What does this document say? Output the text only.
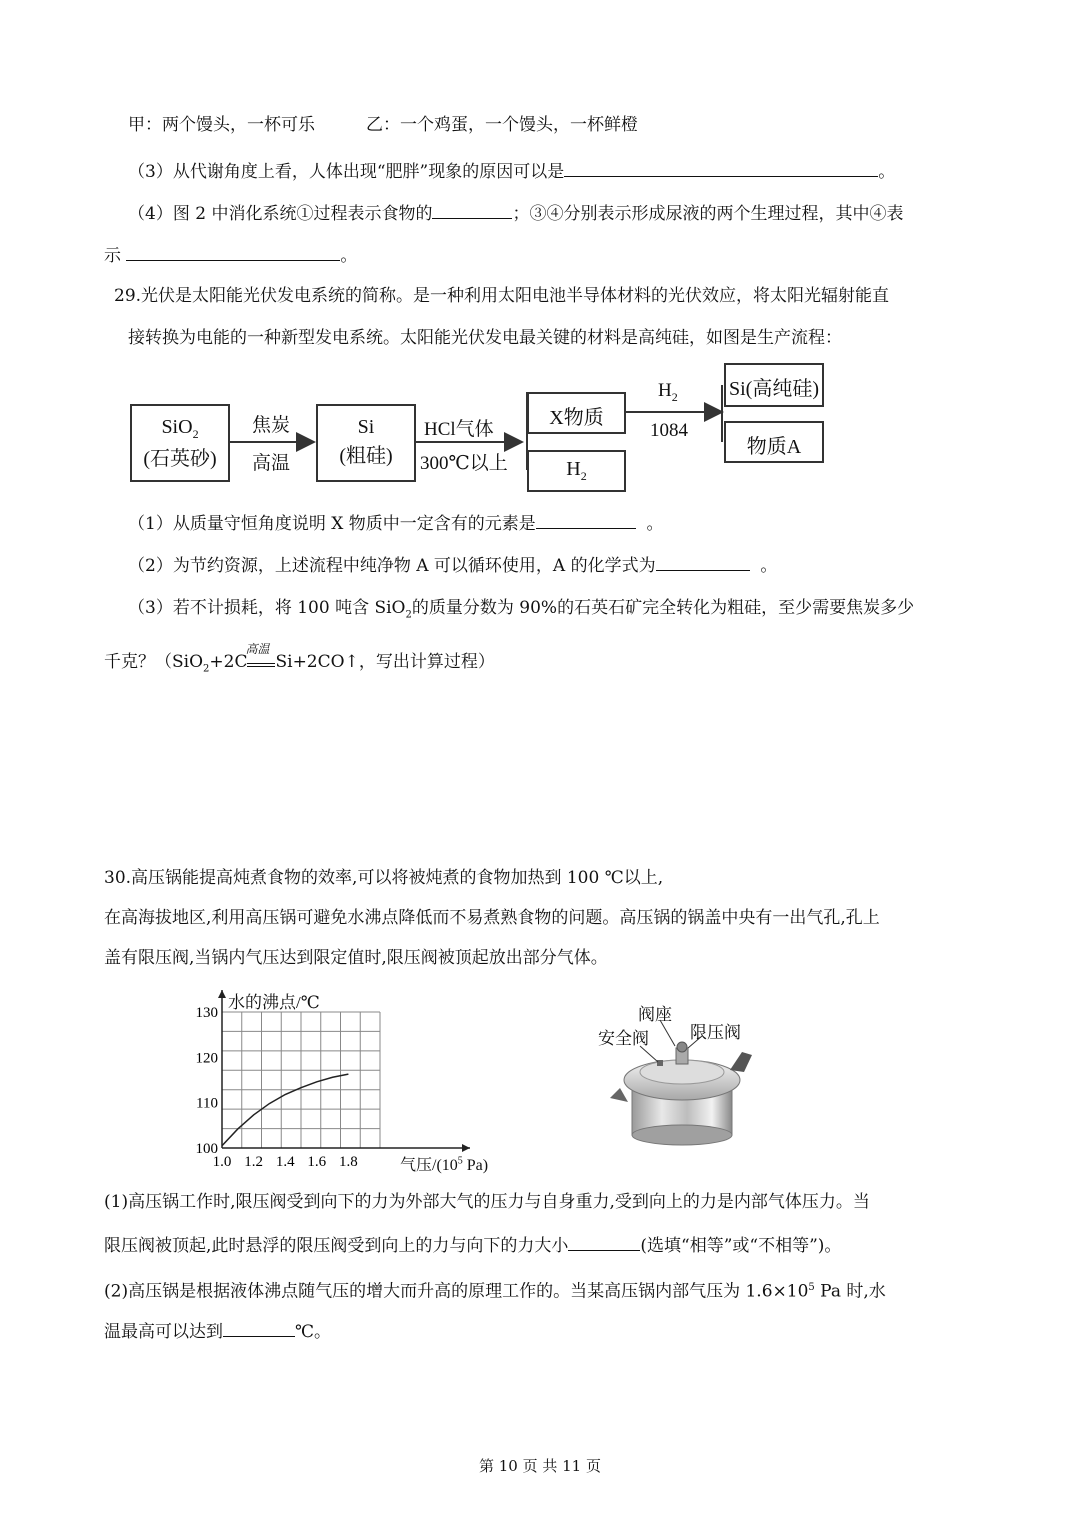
甲：两个馒头，一杯可乐　　　乙：一个鸡蛋，一个馒头，一杯鲜橙
（3）从代谢角度上看，人体出现“肥胖”现象的原因可以是	。
（4）图 2 中消化系统①过程表示食物的	；③④分别表示形成尿液的两个生理过程，其中④表
示	。
29.光伏是太阳能光伏发电系统的简称。是一种利用太阳电池半导体材料的光伏效应，将太阳光辐射能直
接转换为电能的一种新型发电系统。太阳能光伏发电最关键的材料是高纯硅，如图是生产流程：
SiO$_2$
(石英砂)
焦炭
高温
Si
(粗硅)
HCl气体
300℃以上
X物质
$H_2$
$H_2$
1084
Si(高纯硅)
物质A
（1）从质量守恒角度说明 X 物质中一定含有的元素是	。
（2）为节约资源，上述流程中纯净物 A 可以循环使用，A 的化学式为	。
（3）若不计损耗，将 100 吨含 SiO$_2$的质量分数为 90%的石英石矿完全转化为粗硅，至少需要焦炭多少
千克？（SiO$_2$+2C
高温
Si+2CO↑，写出计算过程）
30.高压锅能提高炖煮食物的效率,可以将被炖煮的食物加热到 100 ℃以上,
在高海拔地区,利用高压锅可避免水沸点降低而不易煮熟食物的问题。高压锅的锅盖中央有一出气孔,孔上
盖有限压阀,当锅内气压达到限定值时,限压阀被顶起放出部分气体。
1.0 1.2 1.4 1.6 1.8
100
110
120
130
水的沸点/℃
气压$/(10^5$ Pa)
阀座
安全阀 限压阀
(1)高压锅工作时,限压阀受到向下的力为外部大气的压力与自身重力,受到向上的力是内部气体压力。当
限压阀被顶起,此时悬浮的限压阀受到向上的力与向下的力大小	(选填“相等”或“不相等”)。
(2)高压锅是根据液体沸点随气压的增大而升高的原理工作的。当某高压锅内部气压为 $1.6\times 10^5$ Pa 时,水
温最高可以达到	℃。
第 10 页 共 11 页
